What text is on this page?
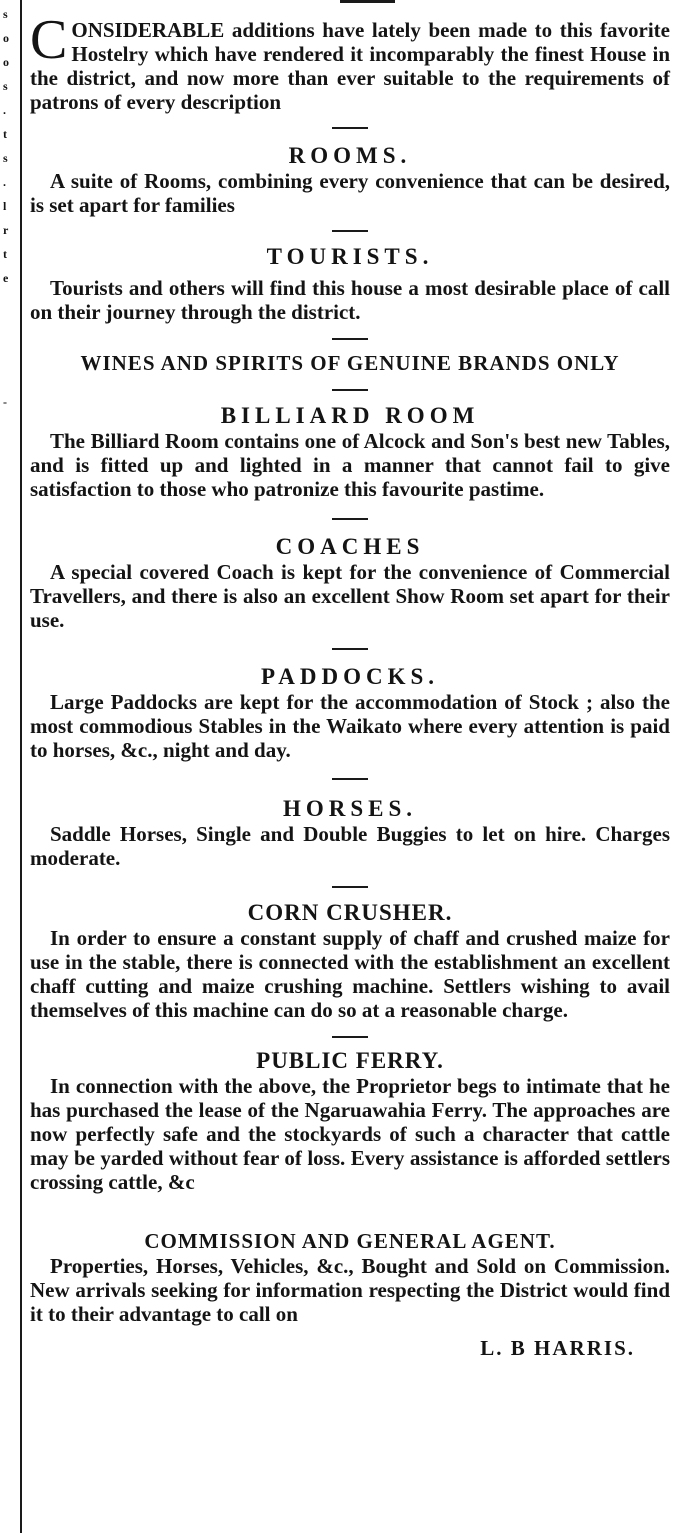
s
o
o
s
.
t
s
.
l
r
t
e
-

CONSIDERABLE additions have lately been made to this favorite Hostelry which have rendered it incomparably the finest House in the district, and now more than ever suitable to the requirements of patrons of every description

ROOMS.

A suite of Rooms, combining every convenience that can be desired, is set apart for families

TOURISTS.

Tourists and others will find this house a most desirable place of call on their journey through the district.

WINES AND SPIRITS OF GENUINE BRANDS ONLY
BILLIARD ROOM

The Billiard Room contains one of Alcock and Son's best new Tables, and is fitted up and lighted in a manner that cannot fail to give satisfaction to those who patronize this favourite pastime.

COACHES

A special covered Coach is kept for the convenience of Commercial Travellers, and there is also an excellent Show Room set apart for their use.

PADDOCKS.

Large Paddocks are kept for the accommodation of Stock ; also the most commodious Stables in the Waikato where every attention is paid to horses, &c., night and day.

HORSES.

Saddle Horses, Single and Double Buggies to let on hire. Charges moderate.

CORN CRUSHER.

In order to ensure a constant supply of chaff and crushed maize for use in the stable, there is connected with the establishment an excellent chaff cutting and maize crushing machine. Settlers wishing to avail themselves of this machine can do so at a reasonable charge.

PUBLIC FERRY.

In connection with the above, the Proprietor begs to intimate that he has purchased the lease of the Ngaruawahia Ferry. The approaches are now perfectly safe and the stockyards of such a character that cattle may be yarded without fear of loss. Every assistance is afforded settlers crossing cattle, &c

COMMISSION AND GENERAL AGENT.

Properties, Horses, Vehicles, &c., Bought and Sold on Commission. New arrivals seeking for information respecting the District would find it to their advantage to call on

L. B HARRIS.
